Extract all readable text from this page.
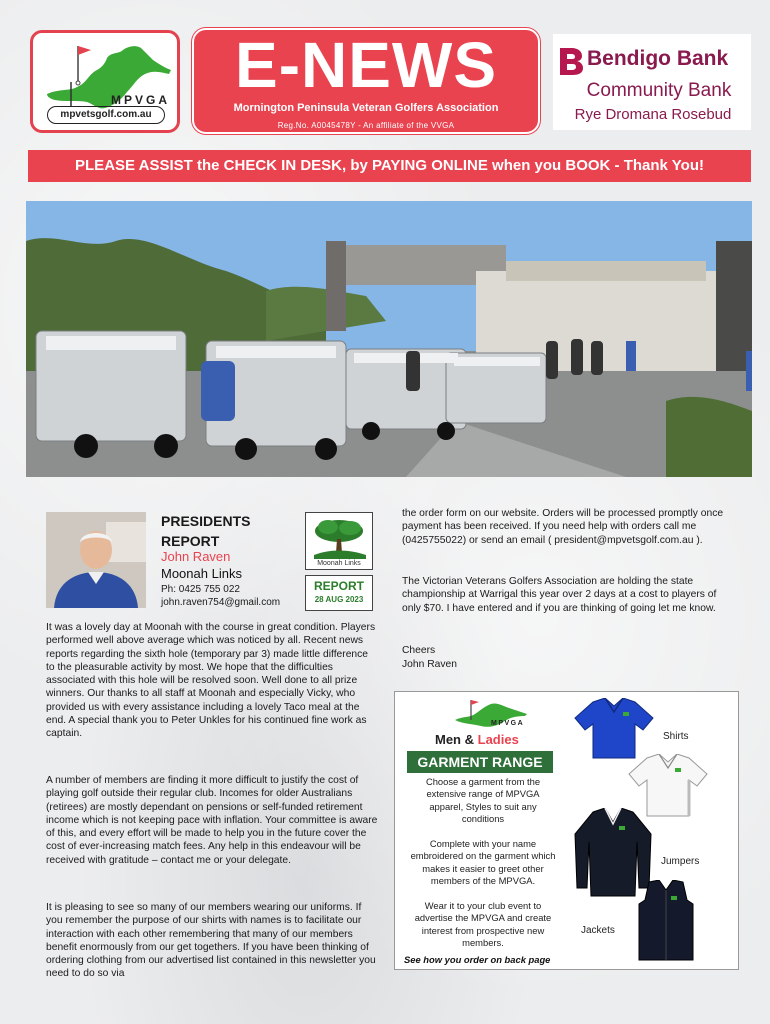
MPVGA
mpvetsgolf.com.au
E-NEWS
Mornington Peninsula Veteran Golfers Association
Reg.No. A0045478Y - An affiliate of the VVGA
Bendigo Bank
Community Bank
Rye Dromana Rosebud
PLEASE ASSIST the CHECK IN DESK, by PAYING ONLINE when you BOOK - Thank You!
PRESIDENTS REPORT
John Raven
Moonah Links
Ph: 0425 755 022
john.raven754@gmail.com
Moonah Links
REPORT
28 AUG 2023

It was a lovely day at Moonah with the course in great condition. Players performed well above average which was noticed by all. Recent news reports regarding the sixth hole (temporary par 3) made little difference to the pleasurable activity by most. We hope that the difficulties associated with this hole will be resolved soon. Well done to all prize winners. Our thanks to all staff at Moonah and especially Vicky, who provided us with every assistance including a lovely Taco meal at the end. A special thank you to Peter Unkles for his continued fine work as captain.

A number of members are finding it more difficult to justify the cost of playing golf outside their regular club. Incomes for older Australians (retirees) are mostly dependant on pensions or self-funded retirement income which is not keeping pace with inflation. Your committee is aware of this, and every effort will be made to help you in the future cover the cost of ever-increasing match fees. Any help in this endeavour will be received with gratitude – contact me or your delegate.

It is pleasing to see so many of our members wearing our uniforms. If you remember the purpose of our shirts with names is to facilitate our interaction with each other remembering that many of our members benefit enormously from our get togethers. If you have been thinking of ordering clothing from our advertised list contained in this newsletter you need to do so via

the order form on our website. Orders will be processed promptly once payment has been received. If you need help with orders call me (0425755022) or send an email ( president@mpvetsgolf.com.au ).

The Victorian Veterans Golfers Association are holding the state championship at Warrigal this year over 2 days at a cost to players of only $70. I have entered and if you are thinking of going let me know.

Cheers

John Raven

MPVGA
Men & Ladies
GARMENT RANGE
Choose a garment from the extensive range of MPVGA apparel, Styles to suit any conditions
Complete with your name embroidered on the garment which makes it easier to greet other members of the MPVGA.
Wear it to your club event to advertise the MPVGA and create interest from prospective new members.
See how you order on back page
Shirts
Jumpers
Jackets
